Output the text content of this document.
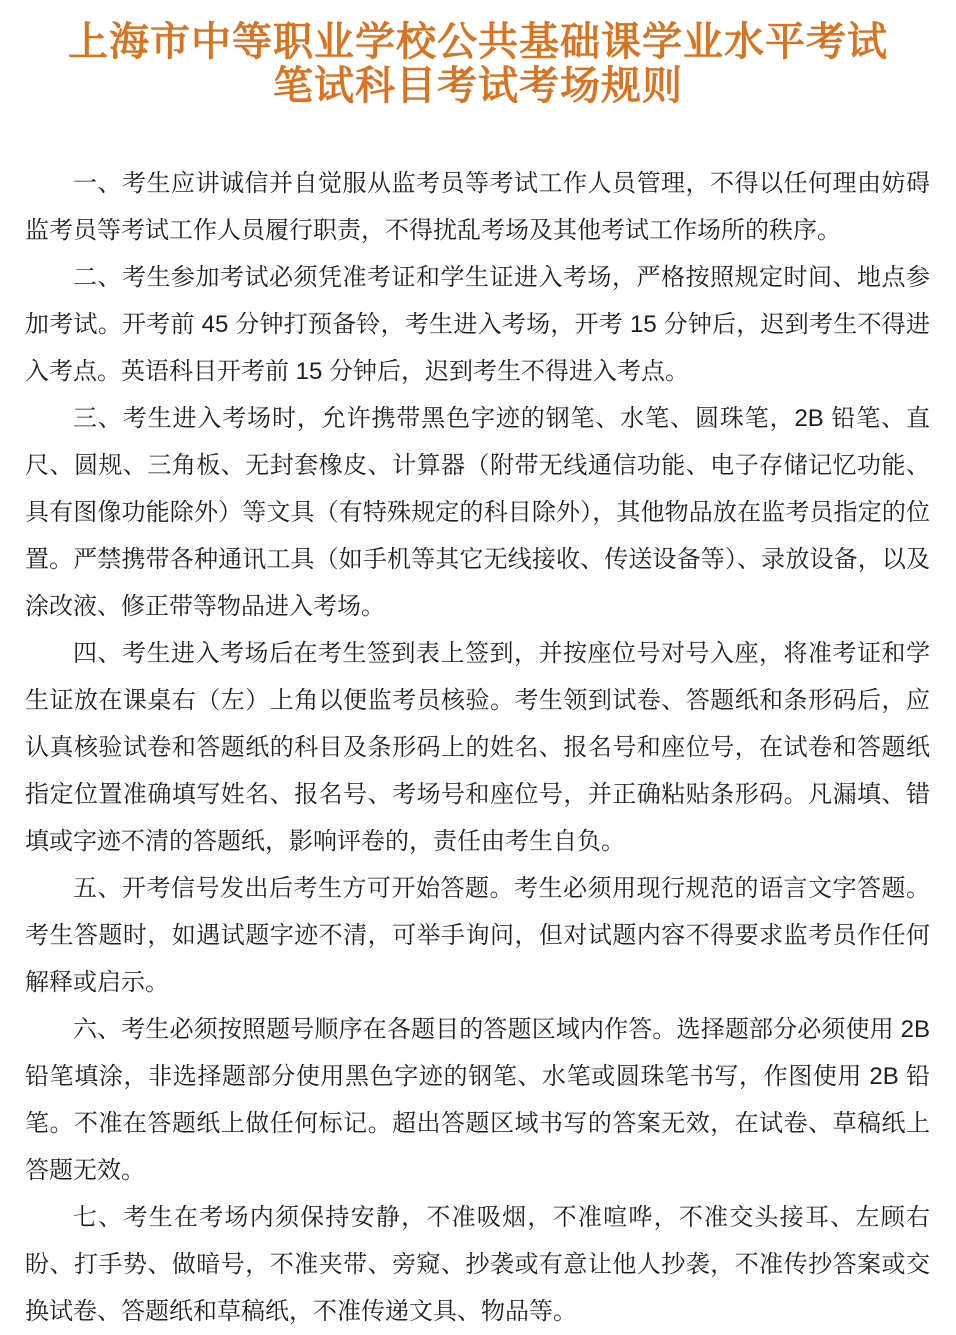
上海市中等职业学校公共基础课学业水平考试
笔试科目考试考场规则

一、考生应讲诚信并自觉服从监考员等考试工作人员管理，不得以任何理由妨碍监考员等考试工作人员履行职责，不得扰乱考场及其他考试工作场所的秩序。

二、考生参加考试必须凭准考证和学生证进入考场，严格按照规定时间、地点参加考试。开考前 45 分钟打预备铃，考生进入考场，开考 15 分钟后，迟到考生不得进入考点。英语科目开考前 15 分钟后，迟到考生不得进入考点。

三、考生进入考场时，允许携带黑色字迹的钢笔、水笔、圆珠笔，2B 铅笔、直尺、圆规、三角板、无封套橡皮、计算器（附带无线通信功能、电子存储记忆功能、具有图像功能除外）等文具（有特殊规定的科目除外），其他物品放在监考员指定的位置。严禁携带各种通讯工具（如手机等其它无线接收、传送设备等）、录放设备，以及涂改液、修正带等物品进入考场。

四、考生进入考场后在考生签到表上签到，并按座位号对号入座，将准考证和学生证放在课桌右（左）上角以便监考员核验。考生领到试卷、答题纸和条形码后，应认真核验试卷和答题纸的科目及条形码上的姓名、报名号和座位号，在试卷和答题纸指定位置准确填写姓名、报名号、考场号和座位号，并正确粘贴条形码。凡漏填、错填或字迹不清的答题纸，影响评卷的，责任由考生自负。

五、开考信号发出后考生方可开始答题。考生必须用现行规范的语言文字答题。考生答题时，如遇试题字迹不清，可举手询问，但对试题内容不得要求监考员作任何解释或启示。

六、考生必须按照题号顺序在各题目的答题区域内作答。选择题部分必须使用 2B 铅笔填涂，非选择题部分使用黑色字迹的钢笔、水笔或圆珠笔书写，作图使用 2B 铅笔。不准在答题纸上做任何标记。超出答题区域书写的答案无效，在试卷、草稿纸上答题无效。

七、考生在考场内须保持安静，不准吸烟，不准喧哗，不准交头接耳、左顾右盼、打手势、做暗号，不准夹带、旁窥、抄袭或有意让他人抄袭，不准传抄答案或交换试卷、答题纸和草稿纸，不准传递文具、物品等。
